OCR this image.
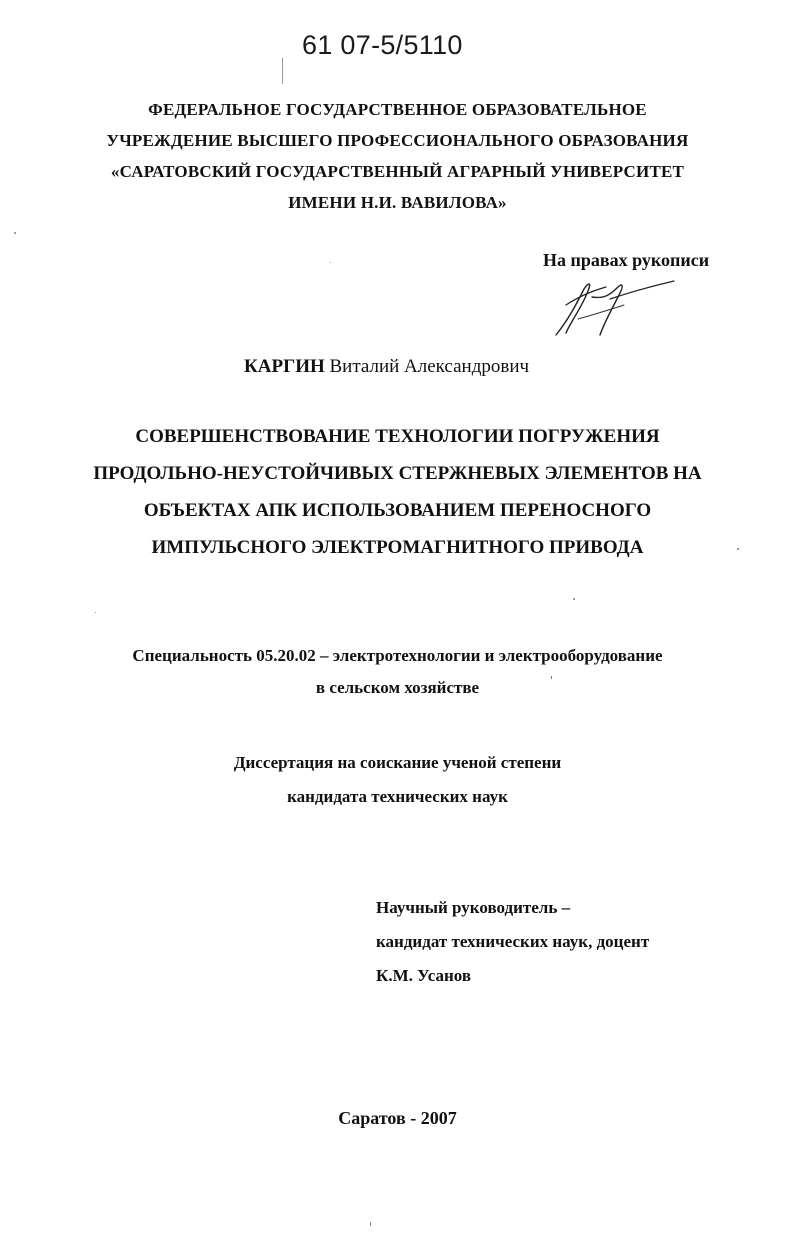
61 07-5/5110
ФЕДЕРАЛЬНОЕ ГОСУДАРСТВЕННОЕ ОБРАЗОВАТЕЛЬНОЕ
УЧРЕЖДЕНИЕ ВЫСШЕГО ПРОФЕССИОНАЛЬНОГО ОБРАЗОВАНИЯ
«САРАТОВСКИЙ ГОСУДАРСТВЕННЫЙ АГРАРНЫЙ УНИВЕРСИТЕТ
ИМЕНИ Н.И. ВАВИЛОВА»
На правах рукописи
КАРГИН Виталий Александрович
СОВЕРШЕНСТВОВАНИЕ ТЕХНОЛОГИИ ПОГРУЖЕНИЯ
ПРОДОЛЬНО-НЕУСТОЙЧИВЫХ СТЕРЖНЕВЫХ ЭЛЕМЕНТОВ НА
ОБЪЕКТАХ АПК ИСПОЛЬЗОВАНИЕМ ПЕРЕНОСНОГО
ИМПУЛЬСНОГО ЭЛЕКТРОМАГНИТНОГО ПРИВОДА
Специальность 05.20.02 – электротехнологии и электрооборудование
в сельском хозяйстве
Диссертация на соискание ученой степени
кандидата технических наук
Научный руководитель –
кандидат технических наук, доцент
К.М. Усанов
Саратов - 2007
